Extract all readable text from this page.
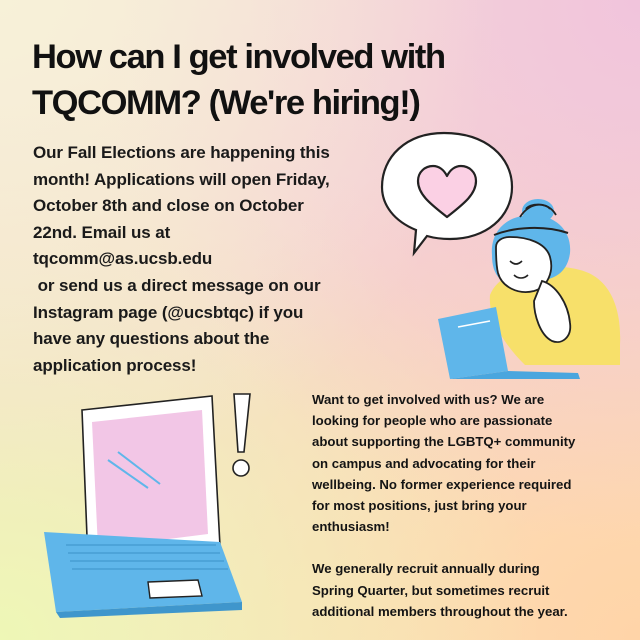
How can I get involved with
TQCOMM? (We're hiring!)
Our Fall Elections are happening this
month! Applications will open Friday,
October 8th and close on October
22nd. Email us at
tqcomm@as.ucsb.edu
or send us a direct message on our
Instagram page (@ucsbtqc) if you
have any questions about the
application process!

Want to get involved with us? We are
looking for people who are passionate
about supporting the LGBTQ+ community
on campus and advocating for their
wellbeing. No former experience required
for most positions, just bring your
enthusiasm!

We generally recruit annually during
Spring Quarter, but sometimes recruit
additional members throughout the year.
